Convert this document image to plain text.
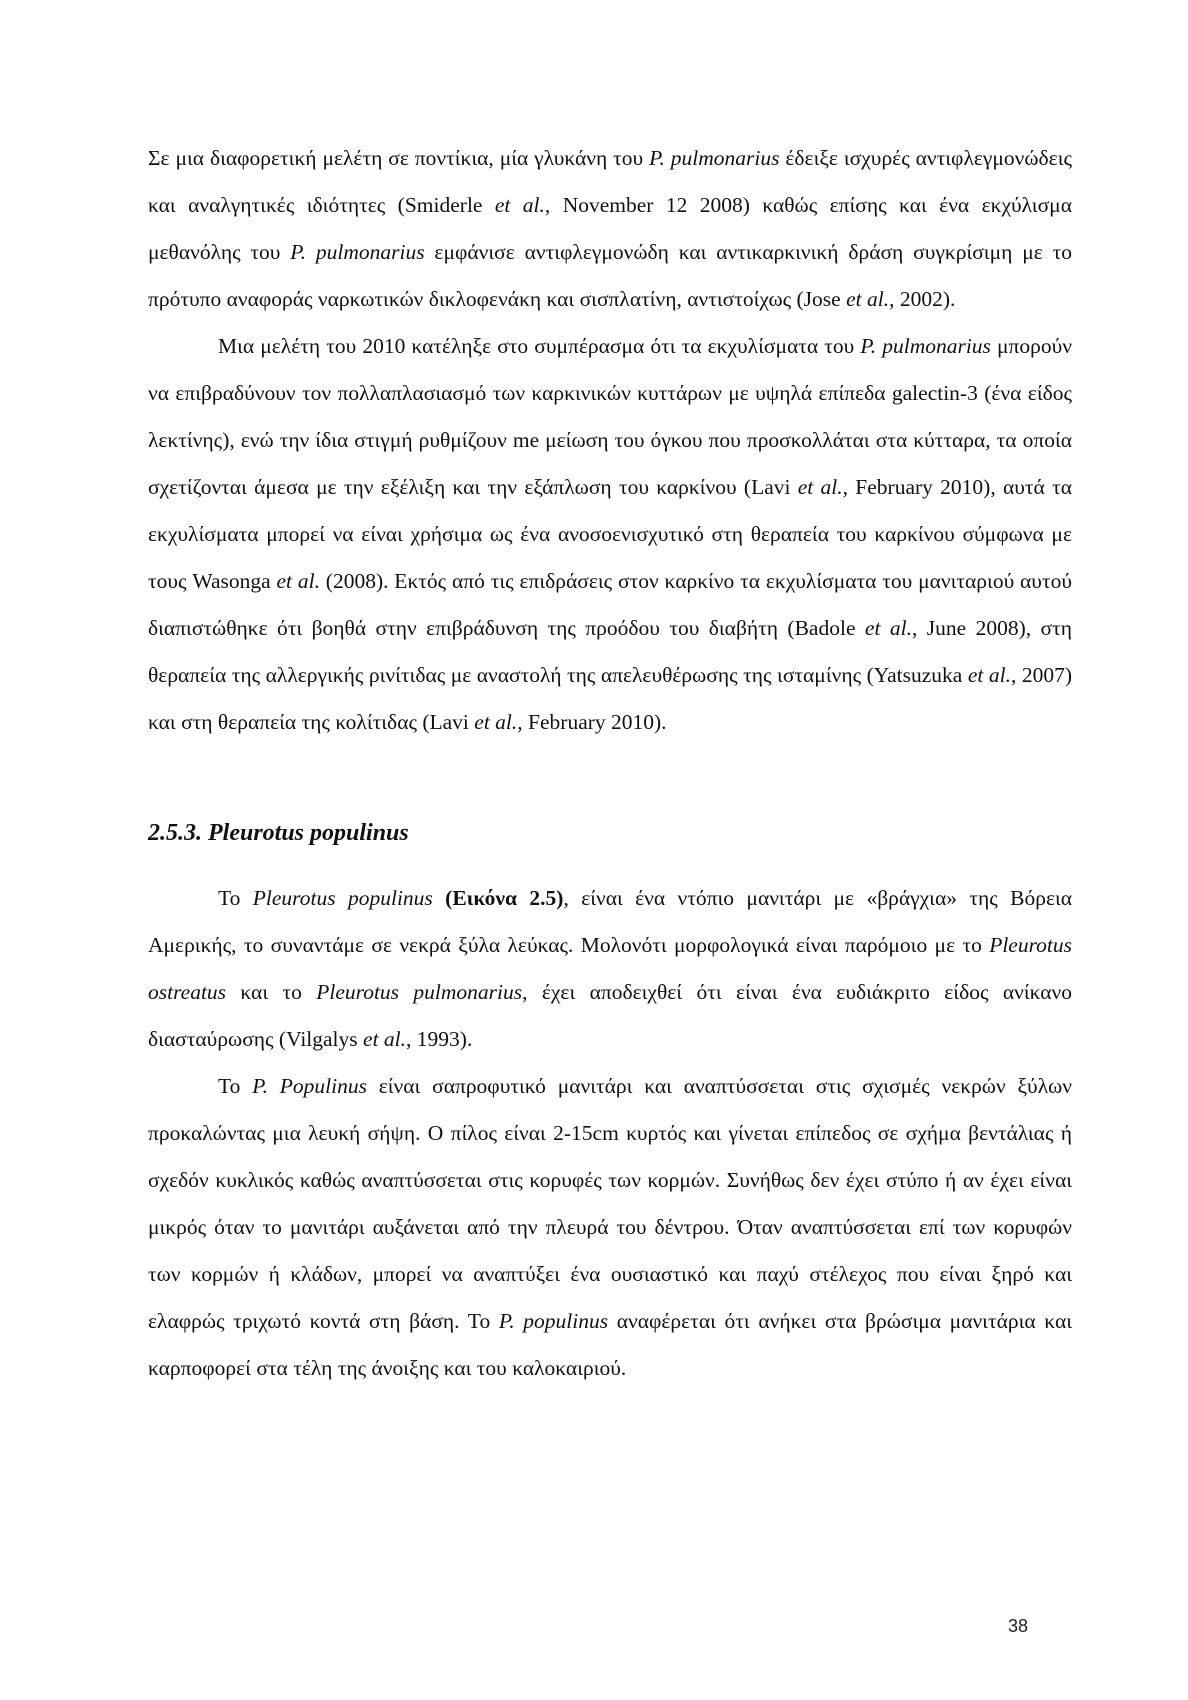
Σε μια διαφορετική μελέτη σε ποντίκια, μία γλυκάνη του P. pulmonarius έδειξε ισχυρές αντιφλεγμονώδεις και αναλγητικές ιδιότητες (Smiderle et al., November 12 2008) καθώς επίσης και ένα εκχύλισμα μεθανόλης του P. pulmonarius εμφάνισε αντιφλεγμονώδη και αντικαρκινική δράση συγκρίσιμη με το πρότυπο αναφοράς ναρκωτικών δικλοφενάκη και σισπλατίνη, αντιστοίχως (Jose et al., 2002).

Μια μελέτη του 2010 κατέληξε στο συμπέρασμα ότι τα εκχυλίσματα του P. pulmonarius μπορούν να επιβραδύνουν τον πολλαπλασιασμό των καρκινικών κυττάρων με υψηλά επίπεδα galectin-3 (ένα είδος λεκτίνης), ενώ την ίδια στιγμή ρυθμίζουν me μείωση του όγκου που προσκολλάται στα κύτταρα, τα οποία σχετίζονται άμεσα με την εξέλιξη και την εξάπλωση του καρκίνου (Lavi et al., February 2010), αυτά τα εκχυλίσματα μπορεί να είναι χρήσιμα ως ένα ανοσοενισχυτικό στη θεραπεία του καρκίνου σύμφωνα με τους Wasonga et al. (2008). Εκτός από τις επιδράσεις στον καρκίνο τα εκχυλίσματα του μανιταριού αυτού διαπιστώθηκε ότι βοηθά στην επιβράδυνση της προόδου του διαβήτη (Badole et al., June 2008), στη θεραπεία της αλλεργικής ρινίτιδας με αναστολή της απελευθέρωσης της ισταμίνης (Yatsuzuka et al., 2007) και στη θεραπεία της κολίτιδας (Lavi et al., February 2010).

2.5.3. Pleurotus populinus

Το Pleurotus populinus (Εικόνα 2.5), είναι ένα ντόπιο μανιτάρι με «βράγχια» της Βόρεια Αμερικής, το συναντάμε σε νεκρά ξύλα λεύκας. Μολονότι μορφολογικά είναι παρόμοιο με το Pleurotus ostreatus και το Pleurotus pulmonarius, έχει αποδειχθεί ότι είναι ένα ευδιάκριτο είδος ανίκανο διασταύρωσης (Vilgalys et al., 1993).

Το P. Populinus είναι σαπροφυτικό μανιτάρι και αναπτύσσεται στις σχισμές νεκρών ξύλων προκαλώντας μια λευκή σήψη. Ο πίλος είναι 2-15cm κυρτός και γίνεται επίπεδος σε σχήμα βεντάλιας ή σχεδόν κυκλικός καθώς αναπτύσσεται στις κορυφές των κορμών. Συνήθως δεν έχει στύπο ή αν έχει είναι μικρός όταν το μανιτάρι αυξάνεται από την πλευρά του δέντρου. Όταν αναπτύσσεται επί των κορυφών των κορμών ή κλάδων, μπορεί να αναπτύξει ένα ουσιαστικό και παχύ στέλεχος που είναι ξηρό και ελαφρώς τριχωτό κοντά στη βάση. Το P. populinus αναφέρεται ότι ανήκει στα βρώσιμα μανιτάρια και καρποφορεί στα τέλη της άνοιξης και του καλοκαιριού.

38
